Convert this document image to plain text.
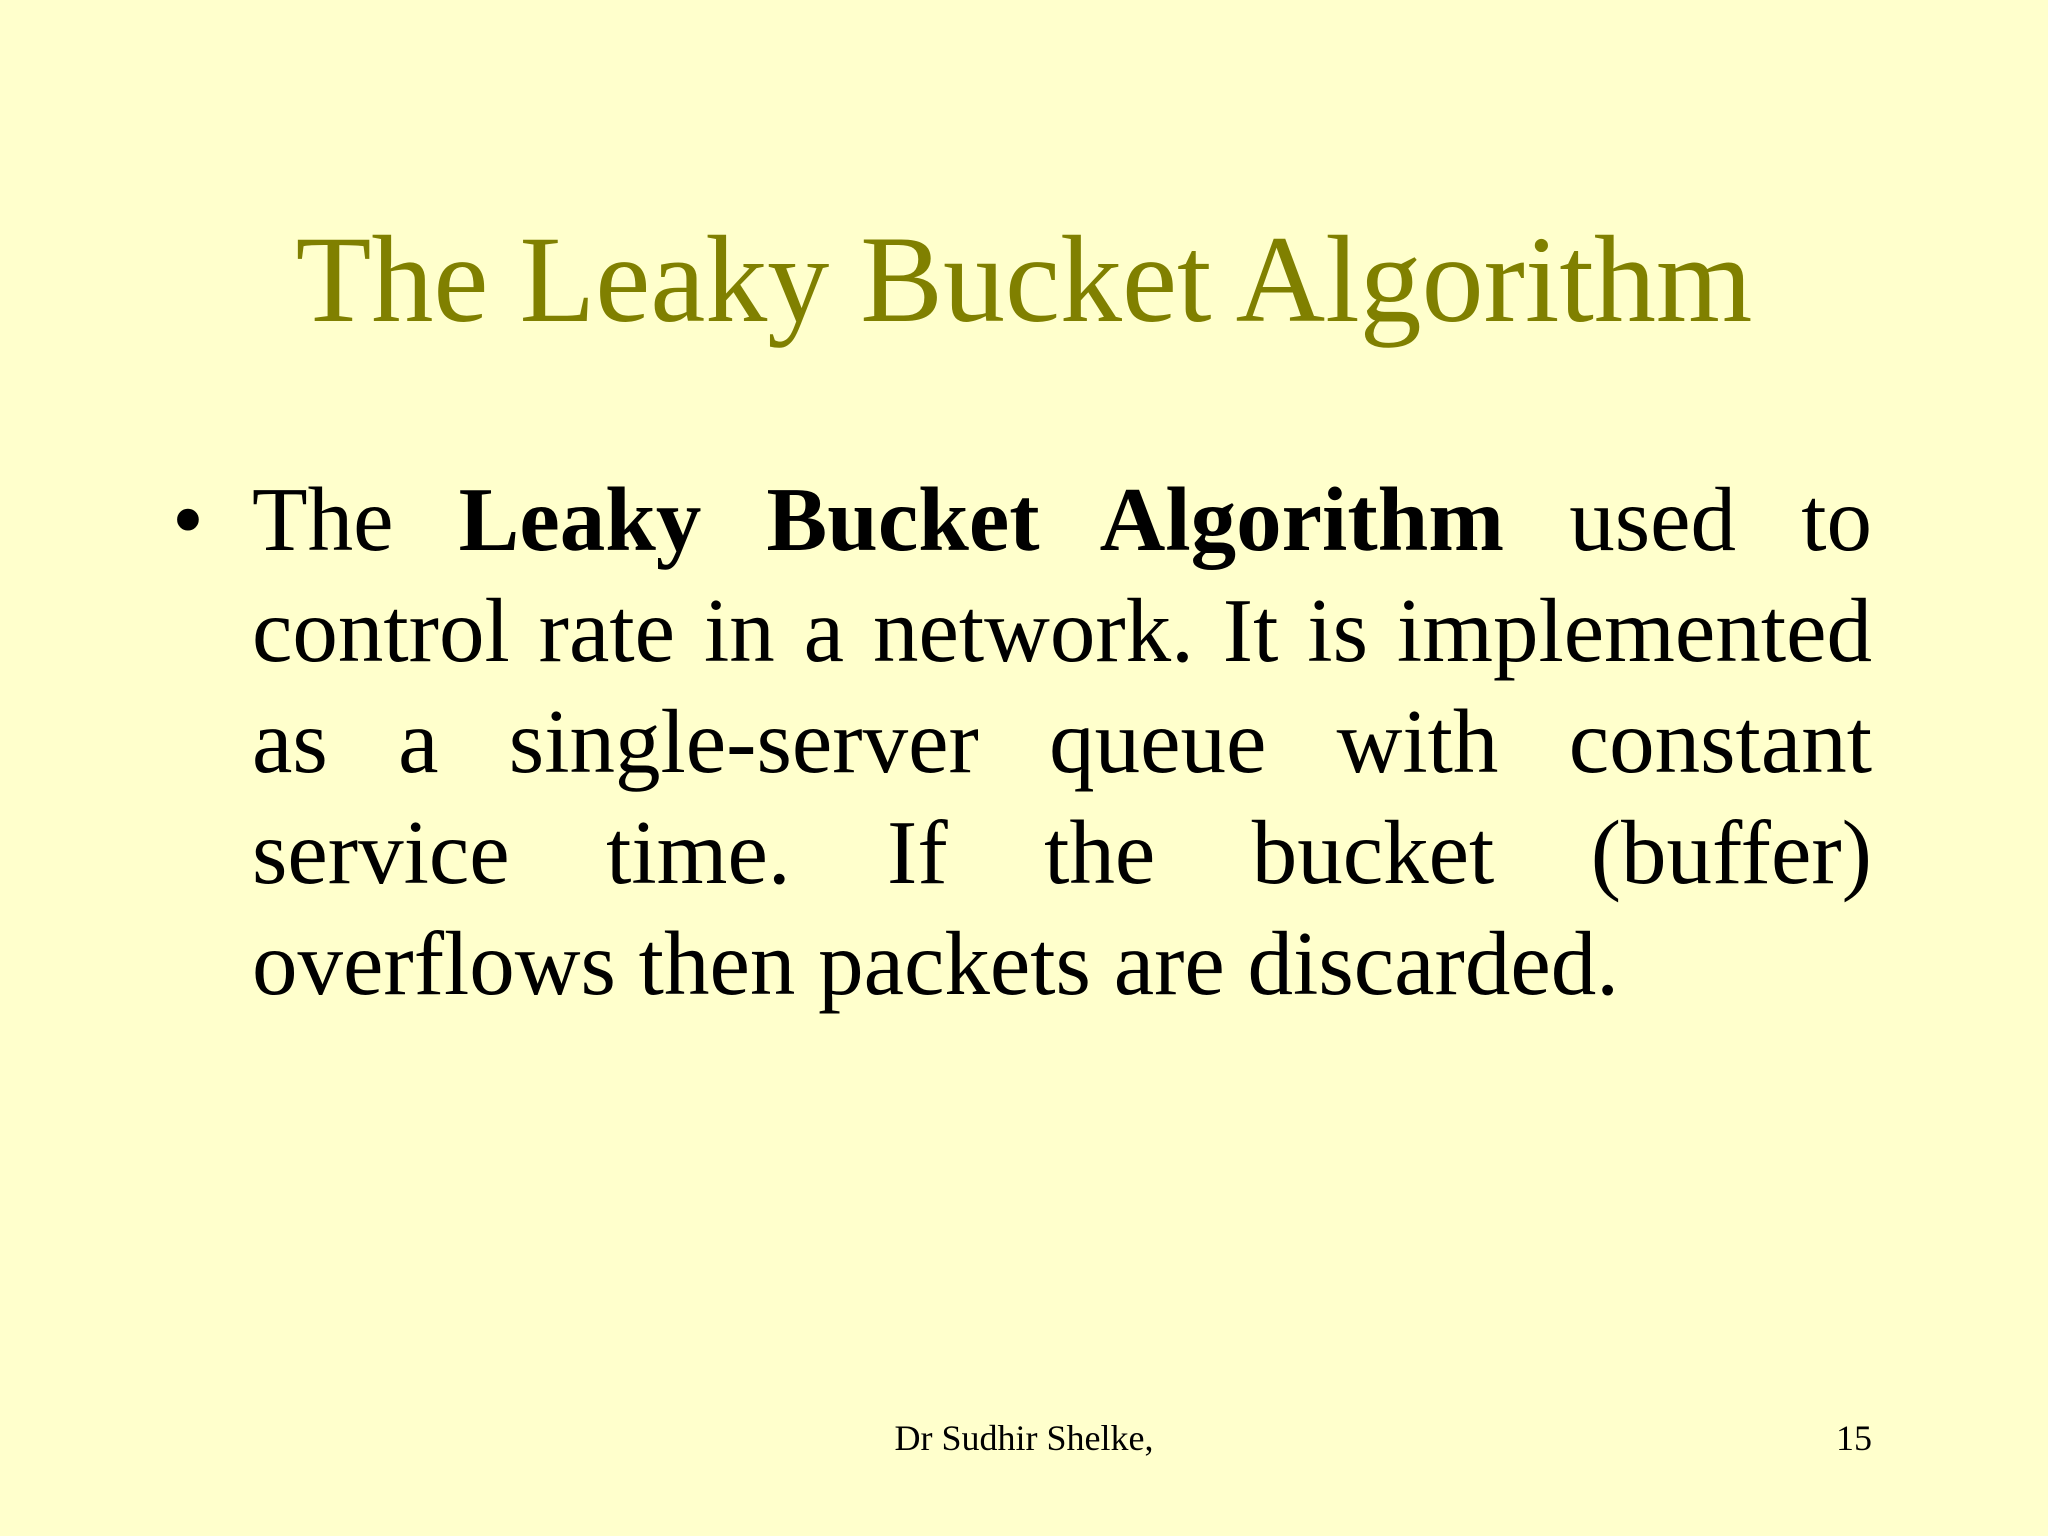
The Leaky Bucket Algorithm
• The Leaky Bucket Algorithm used to control rate in a network. It is implemented as a single-server queue with constant service time. If the bucket (buffer) overflows then packets are discarded.
Dr Sudhir Shelke,	15
